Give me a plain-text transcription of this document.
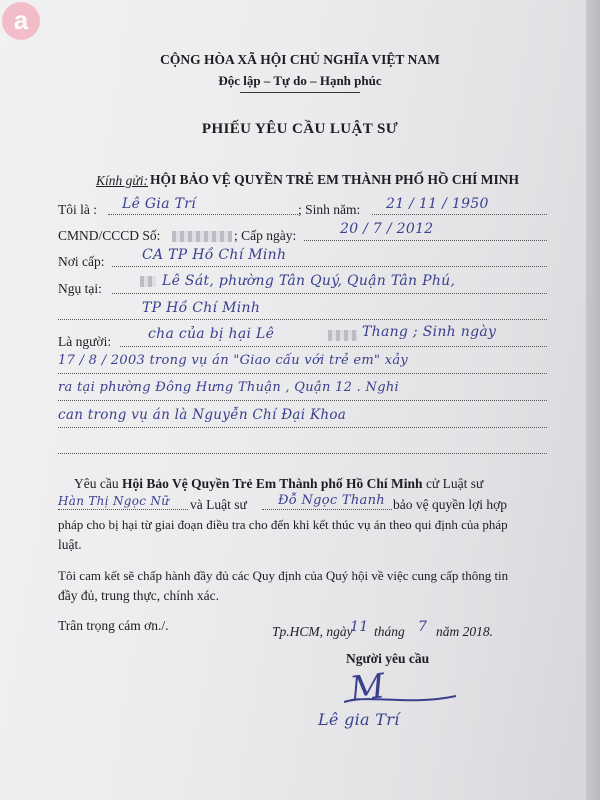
a
CỘNG HÒA XÃ HỘI CHỦ NGHĨA VIỆT NAM
Độc lập – Tự do – Hạnh phúc
PHIẾU YÊU CẦU LUẬT SƯ
Kính gửi: HỘI BẢO VỆ QUYỀN TRẺ EM THÀNH PHỐ HỒ CHÍ MINH
Tôi là : Lê Gia Trí	; Sinh năm: 21 / 11 / 1950
CMND/CCCD Số:	; Cấp ngày:	20 / 7 / 2012
Nơi cấp:	CA TP Hồ Chí Minh
Ngụ tại:	Lê Sát, phường Tân Quý, Quận Tân Phú,
TP Hồ Chí Minh
Là người:	cha của bị hại Lê	Thang ; Sinh ngày
17 / 8 / 2003 trong vụ án "Giao cấu với trẻ em" xảy
ra tại phường Đông Hưng Thuận , Quận 12 . Nghi
can trong vụ án là Nguyễn Chí Đại Khoa
Yêu cầu Hội Bảo Vệ Quyền Trẻ Em Thành phố Hồ Chí Minh cử Luật sư
Hàn Thị Ngọc Nữ và Luật sư Đỗ Ngọc Thanh bảo vệ quyền lợi hợp
pháp cho bị hại từ giai đoạn điều tra cho đến khi kết thúc vụ án theo qui định của pháp
luật.
Tôi cam kết sẽ chấp hành đầy đủ các Quy định của Quý hội về việc cung cấp thông tin
đầy đủ, trung thực, chính xác.
Trân trọng cám ơn./.	Tp.HCM, ngày
11 tháng 7 năm 2018.
Người yêu cầu
M
Lê gia Trí
